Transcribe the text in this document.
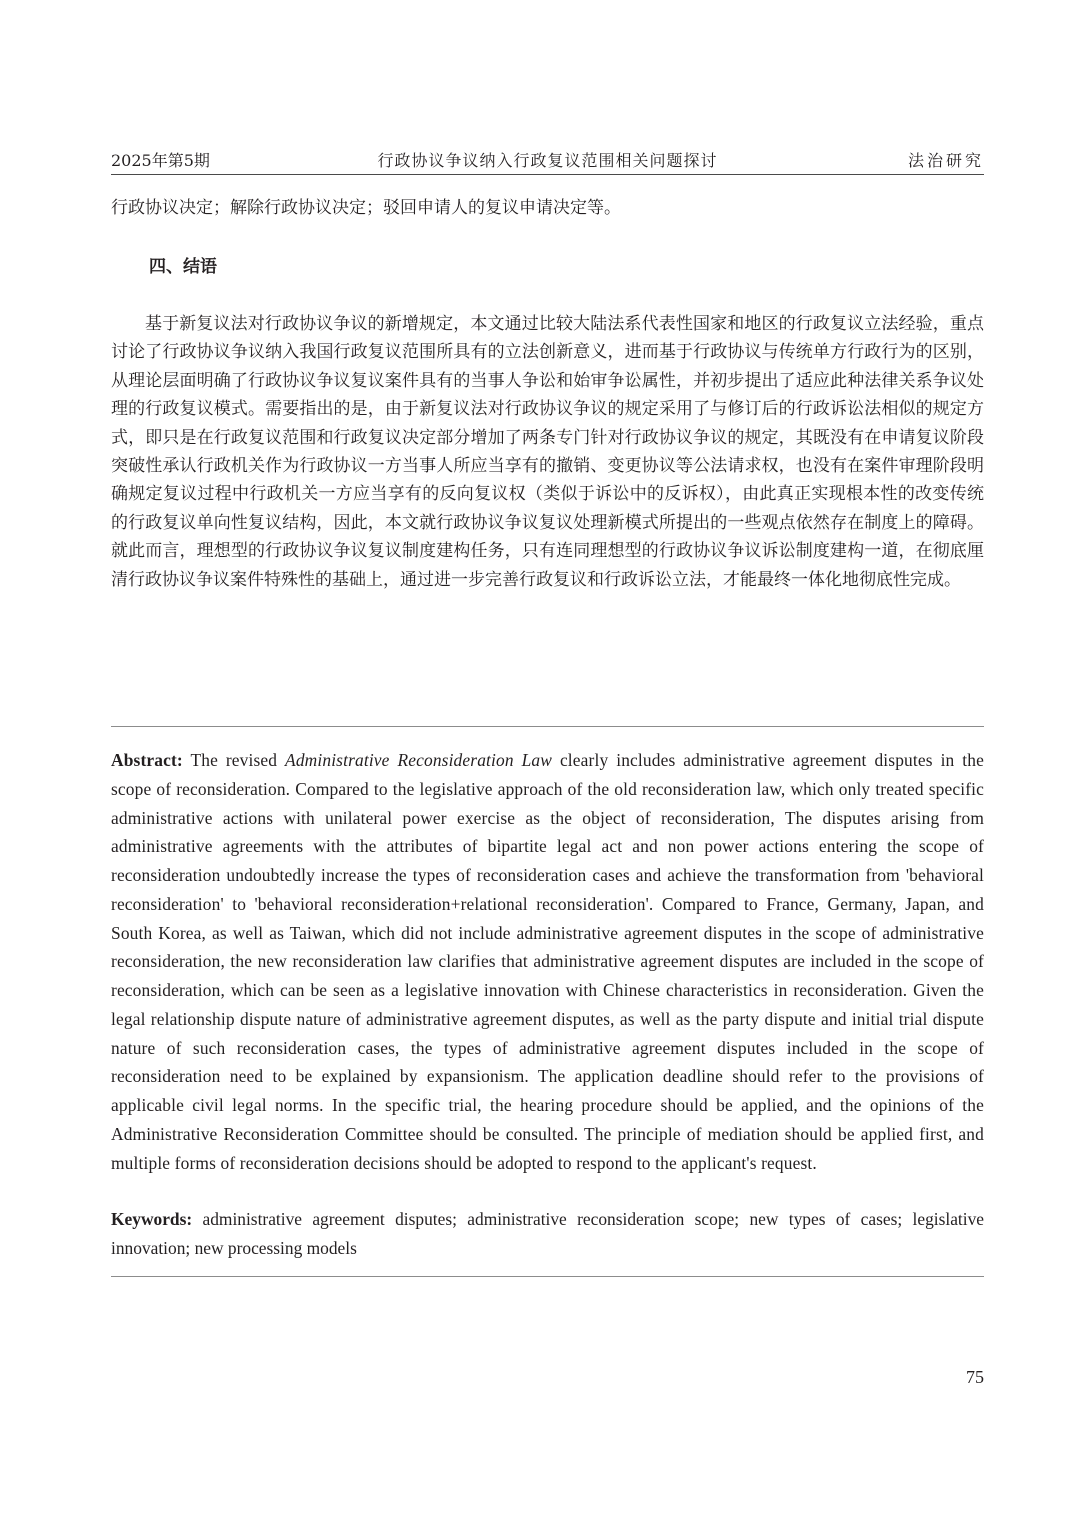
2025年第5期	行政协议争议纳入行政复议范围相关问题探讨	法治研究
行政协议决定；解除行政协议决定；驳回申请人的复议申请决定等。
四、结语

基于新复议法对行政协议争议的新增规定，本文通过比较大陆法系代表性国家和地区的行政复议立法经验，重点讨论了行政协议争议纳入我国行政复议范围所具有的立法创新意义，进而基于行政协议与传统单方行政行为的区别，从理论层面明确了行政协议争议复议案件具有的当事人争讼和始审争讼属性，并初步提出了适应此种法律关系争议处理的行政复议模式。需要指出的是，由于新复议法对行政协议争议的规定采用了与修订后的行政诉讼法相似的规定方式，即只是在行政复议范围和行政复议决定部分增加了两条专门针对行政协议争议的规定，其既没有在申请复议阶段突破性承认行政机关作为行政协议一方当事人所应当享有的撤销、变更协议等公法请求权，也没有在案件审理阶段明确规定复议过程中行政机关一方应当享有的反向复议权（类似于诉讼中的反诉权），由此真正实现根本性的改变传统的行政复议单向性复议结构，因此，本文就行政协议争议复议处理新模式所提出的一些观点依然存在制度上的障碍。就此而言，理想型的行政协议争议复议制度建构任务，只有连同理想型的行政协议争议诉讼制度建构一道，在彻底厘清行政协议争议案件特殊性的基础上，通过进一步完善行政复议和行政诉讼立法，才能最终一体化地彻底性完成。

Abstract: The revised Administrative Reconsideration Law clearly includes administrative agreement disputes in the scope of reconsideration. Compared to the legislative approach of the old reconsideration law, which only treated specific administrative actions with unilateral power exercise as the object of reconsideration, The disputes arising from administrative agreements with the attributes of bipartite legal act and non power actions entering the scope of reconsideration undoubtedly increase the types of reconsideration cases and achieve the transformation from 'behavioral reconsideration' to 'behavioral reconsideration+relational reconsideration'. Compared to France, Germany, Japan, and South Korea, as well as Taiwan, which did not include administrative agreement disputes in the scope of administrative reconsideration, the new reconsideration law clarifies that administrative agreement disputes are included in the scope of reconsideration, which can be seen as a legislative innovation with Chinese characteristics in reconsideration. Given the legal relationship dispute nature of administrative agreement disputes, as well as the party dispute and initial trial dispute nature of such reconsideration cases, the types of administrative agreement disputes included in the scope of reconsideration need to be explained by expansionism. The application deadline should refer to the provisions of applicable civil legal norms. In the specific trial, the hearing procedure should be applied, and the opinions of the Administrative Reconsideration Committee should be consulted. The principle of mediation should be applied first, and multiple forms of reconsideration decisions should be adopted to respond to the applicant's request.

Keywords: administrative agreement disputes; administrative reconsideration scope; new types of cases; legislative innovation; new processing models

75
